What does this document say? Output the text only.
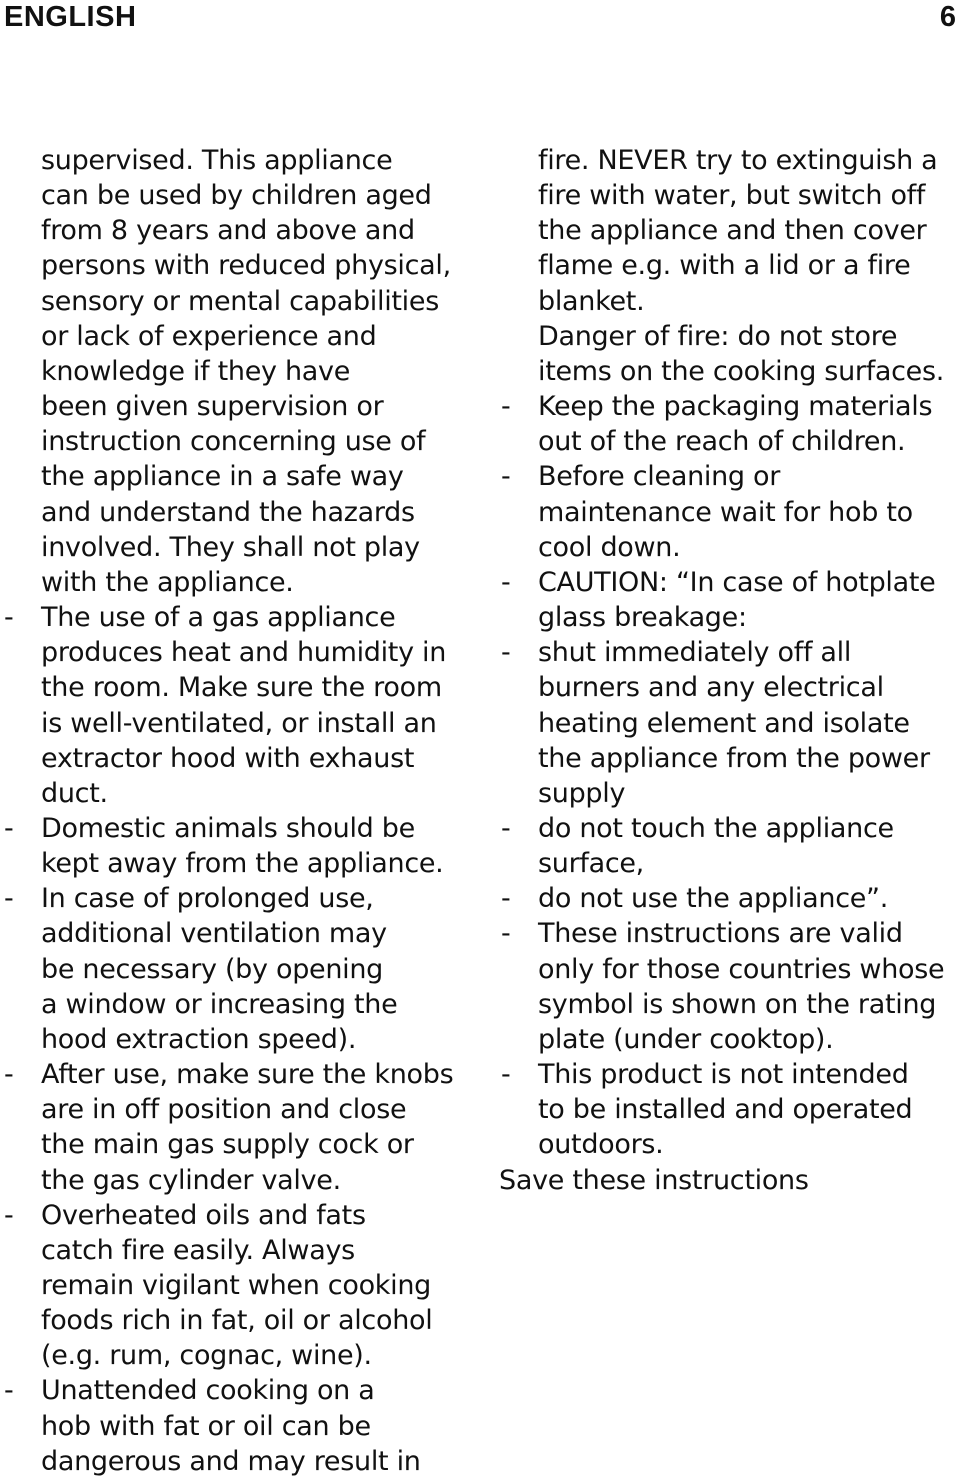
ENGLISH	6
supervised. This appliance
can be used by children aged
from 8 years and above and
persons with reduced physical,
sensory or mental capabilities
or lack of experience and
knowledge if they have
been given supervision or
instruction concerning use of
the appliance in a safe way
and understand the hazards
involved. They shall not play
with the appliance.
- The use of a gas appliance
produces heat and humidity in
the room. Make sure the room
is well-ventilated, or install an
extractor hood with exhaust
duct.
- Domestic animals should be
kept away from the appliance.
- In case of prolonged use,
additional ventilation may
be necessary (by opening
a window or increasing the
hood extraction speed).
- After use, make sure the knobs
are in off position and close
the main gas supply cock or
the gas cylinder valve.
- Overheated oils and fats
catch fire easily. Always
remain vigilant when cooking
foods rich in fat, oil or alcohol
(e.g. rum, cognac, wine).
- Unattended cooking on a
hob with fat or oil can be
dangerous and may result in
fire. NEVER try to extinguish a
fire with water, but switch off
the appliance and then cover
flame e.g. with a lid or a fire
blanket.
Danger of fire: do not store
items on the cooking surfaces.
- Keep the packaging materials
out of the reach of children.
- Before cleaning or
maintenance wait for hob to
cool down.
- CAUTION: “In case of hotplate
glass breakage:
- shut immediately off all
burners and any electrical
heating element and isolate
the appliance from the power
supply
- do not touch the appliance
surface,
- do not use the appliance”.
- These instructions are valid
only for those countries whose
symbol is shown on the rating
plate (under cooktop).
- This product is not intended
to be installed and operated
outdoors.
Save these instructions
